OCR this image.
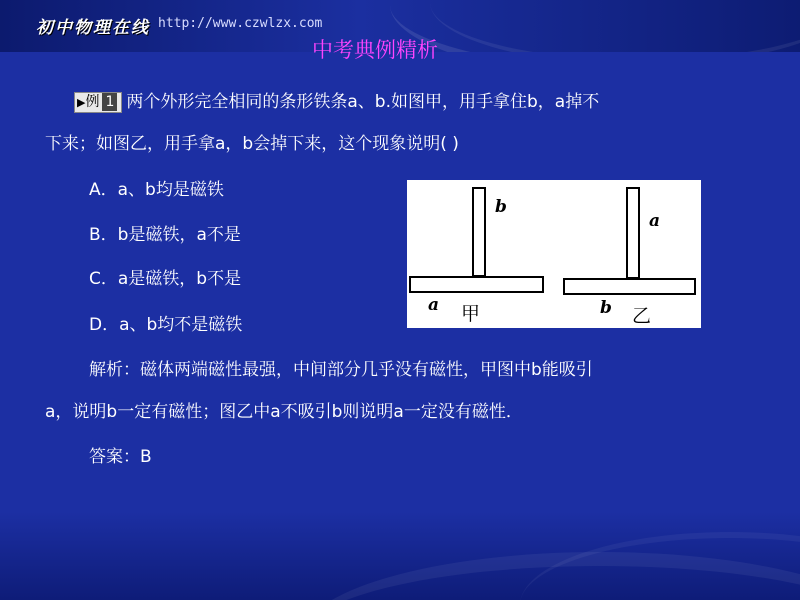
初中物理在线 http://www.czwlzx.com
中考典例精析
▶例 1 两个外形完全相同的条形铁条a、b.如图甲，用手拿住b，a掉不
下来；如图乙，用手拿a，b会掉下来，这个现象说明( )
A．a、b均是磁铁
B．b是磁铁，a不是
C．a是磁铁，b不是
D．a、b均不是磁铁
解析：磁体两端磁性最强，中间部分几乎没有磁性，甲图中b能吸引
a，说明b一定有磁性；图乙中a不吸引b则说明a一定没有磁性．
答案：B
b
a 甲
a
b 乙
